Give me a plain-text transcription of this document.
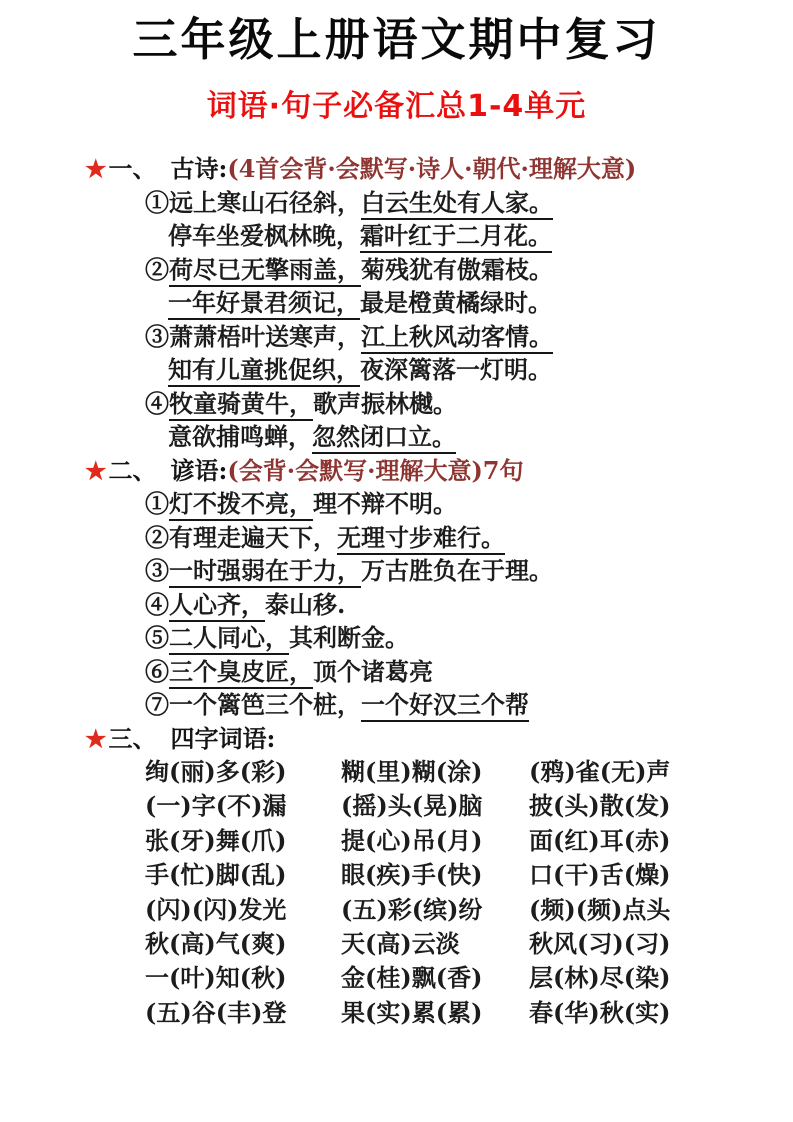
三年级上册语文期中复习
词语·句子必备汇总1-4单元
★一、 古诗:(4首会背·会默写·诗人·朝代·理解大意)
①远上寒山石径斜，白云生处有人家。
停车坐爱枫林晚，霜叶红于二月花。
②荷尽已无擎雨盖，菊残犹有傲霜枝。
一年好景君须记，最是橙黄橘绿时。
③萧萧梧叶送寒声，江上秋风动客情。
知有儿童挑促织，夜深篱落一灯明。
④牧童骑黄牛，歌声振林樾。
意欲捕鸣蝉，忽然闭口立。
★二、 谚语:(会背·会默写·理解大意)7句
①灯不拨不亮，理不辩不明。
②有理走遍天下，无理寸步难行。
③一时强弱在于力，万古胜负在于理。
④人心齐，泰山移.
⑤二人同心，其利断金。
⑥三个臭皮匠，顶个诸葛亮
⑦一个篱笆三个桩，一个好汉三个帮
★三、 四字词语:
绚(丽)多(彩)	糊(里)糊(涂)	(鸦)雀(无)声
(一)字(不)漏	(摇)头(晃)脑	披(头)散(发)
张(牙)舞(爪)	提(心)吊(月)	面(红)耳(赤)
手(忙)脚(乱)	眼(疾)手(快)	口(干)舌(燥)
(闪)(闪)发光	(五)彩(缤)纷	(频)(频)点头
秋(高)气(爽)	天(高)云淡	秋风(习)(习)
一(叶)知(秋)	金(桂)飘(香)	层(林)尽(染)
(五)谷(丰)登	果(实)累(累)	春(华)秋(实)
